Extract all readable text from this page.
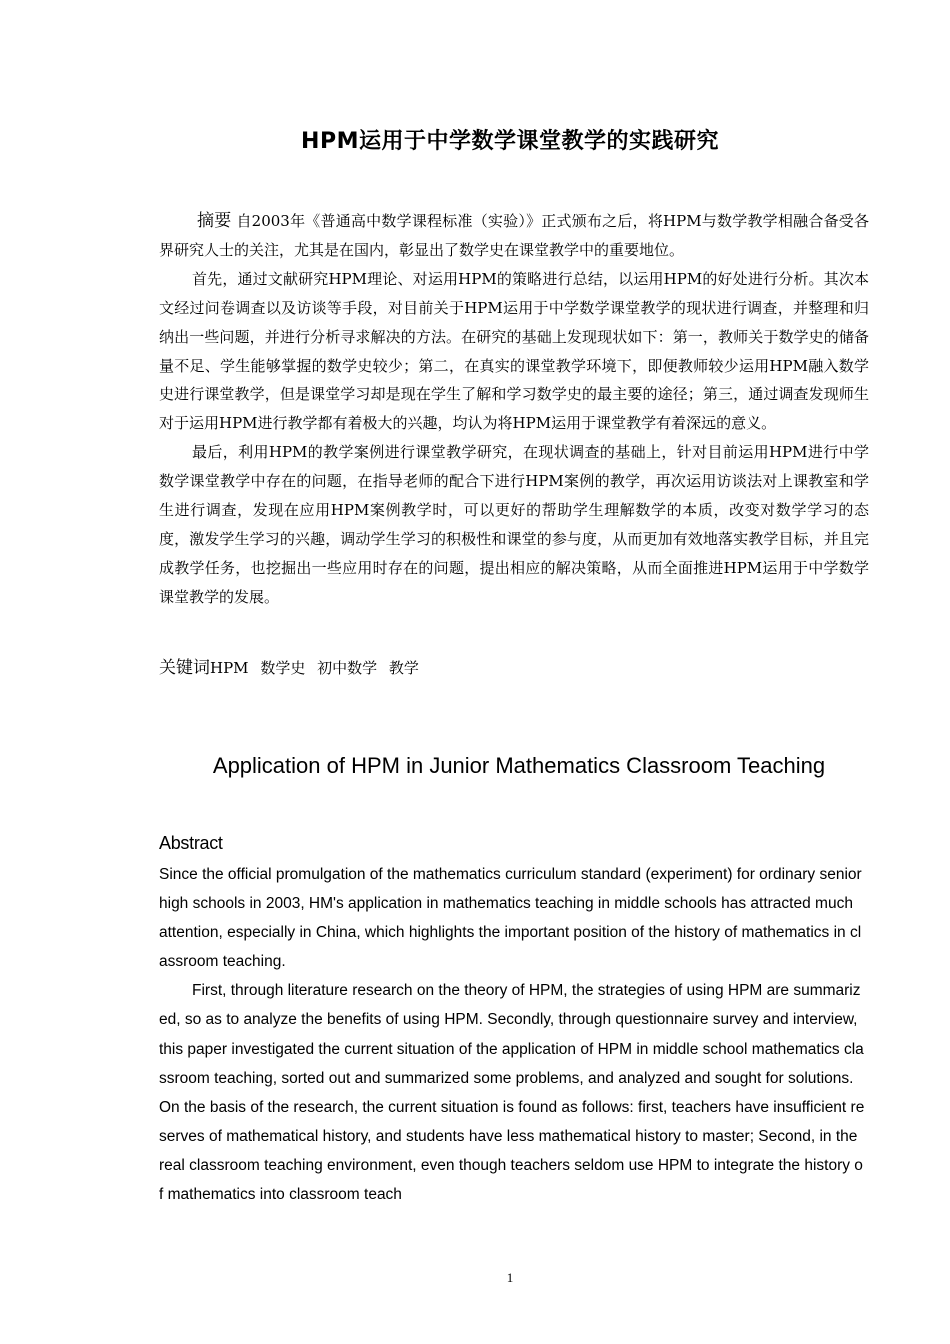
HPM运用于中学数学课堂教学的实践研究

摘要 自2003年《普通高中数学课程标准（实验）》正式颁布之后，将HPM与数学教学相融合备受各界研究人士的关注，尤其是在国内，彰显出了数学史在课堂教学中的重要地位。

首先，通过文献研究HPM理论、对运用HPM的策略进行总结，以运用HPM的好处进行分析。其次本文经过问卷调查以及访谈等手段，对目前关于HPM运用于中学数学课堂教学的现状进行调查，并整理和归纳出一些问题，并进行分析寻求解决的方法。在研究的基础上发现现状如下：第一，教师关于数学史的储备量不足、学生能够掌握的数学史较少；第二，在真实的课堂教学环境下，即便教师较少运用HPM融入数学史进行课堂教学，但是课堂学习却是现在学生了解和学习数学史的最主要的途径；第三，通过调查发现师生对于运用HPM进行教学都有着极大的兴趣，均认为将HPM运用于课堂教学有着深远的意义。

最后，利用HPM的教学案例进行课堂教学研究，在现状调查的基础上，针对目前运用HPM进行中学数学课堂教学中存在的问题，在指导老师的配合下进行HPM案例的教学，再次运用访谈法对上课教室和学生进行调查，发现在应用HPM案例教学时，可以更好的帮助学生理解数学的本质，改变对数学学习的态度，激发学生学习的兴趣，调动学生学习的积极性和课堂的参与度，从而更加有效地落实教学目标，并且完成教学任务，也挖掘出一些应用时存在的问题，提出相应的解决策略，从而全面推进HPM运用于中学数学课堂教学的发展。

关键词HPM 数学史 初中数学 教学
Application of HPM in Junior Mathematics Classroom Teaching
Abstract

Since the official promulgation of the mathematics curriculum standard (experiment) for ordinary senior high schools in 2003, HM's application in mathematics teaching in middle schools has attracted much attention, especially in China, which highlights the important position of the history of mathematics in classroom teaching.

First, through literature research on the theory of HPM, the strategies of using HPM are summarized, so as to analyze the benefits of using HPM. Secondly, through questionnaire survey and interview, this paper investigated the current situation of the application of HPM in middle school mathematics classroom teaching, sorted out and summarized some problems, and analyzed and sought for solutions. On the basis of the research, the current situation is found as follows: first, teachers have insufficient reserves of mathematical history, and students have less mathematical history to master; Second, in the real classroom teaching environment, even though teachers seldom use HPM to integrate the history of mathematics into classroom teach

1
